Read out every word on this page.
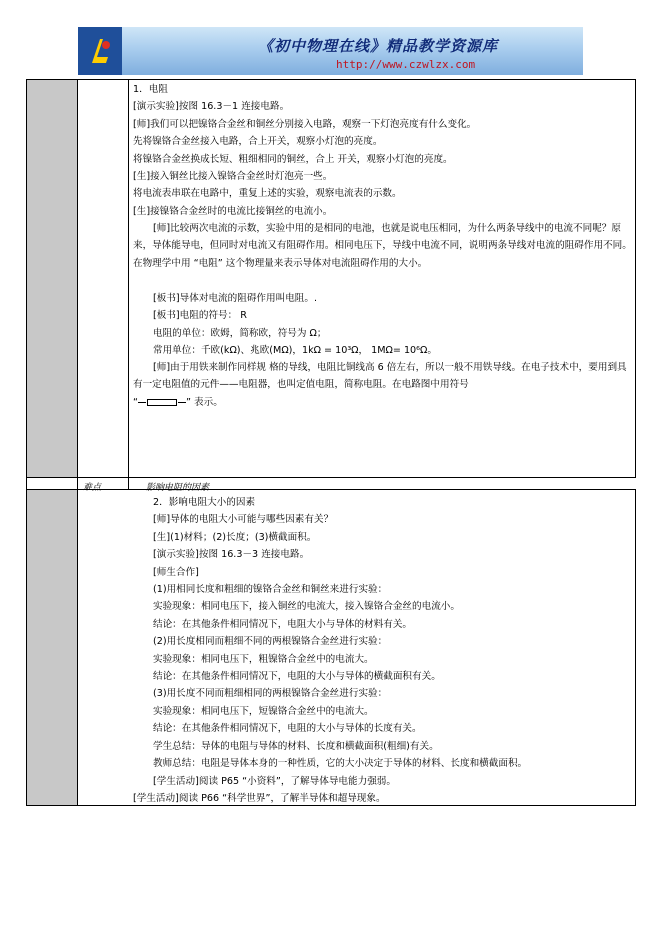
《初中物理在线》精品教学资源库
http://www.czwlzx.com

1．电阻

[演示实验]按图 16.3－1 连接电路。

[师]我们可以把镍铬合金丝和铜丝分别接入电路，观察一下灯泡亮度有什么变化。

先将镍铬合金丝接入电路，合上开关，观察小灯泡的亮度。

将镍铬合金丝换成长短、粗细相同的铜丝，合上 开关，观察小灯泡的亮度。

[生]接入铜丝比接入镍铬合金丝时灯泡亮一些。

将电流表串联在电路中，重复上述的实验，观察电流表的示数。

[生]接镍铬合金丝时的电流比接铜丝的电流小。

[师]比较两次电流的示数，实验中用的是相同的电池，也就是说电压相同，为什么两条导线中的电流不同呢？原来，导体能导电，但同时对电流又有阻碍作用。相同电压下，导线中电流不同，说明两条导线对电流的阻碍作用不同。在物理学中用 “电阻” 这个物理量来表示导体对电流阻碍作用的大小。

[板书]导体对电流的阻碍作用叫电阻。.

[板书]电阻的符号： R

电阻的单位：欧姆，简称欧，符号为 Ω；

常用单位：千欧(kΩ)、兆欧(MΩ)，1kΩ = 10³Ω， 1MΩ= 10⁶Ω。

[师]由于用铁来制作同样规 格的导线，电阻比铜线高 6 倍左右，所以一般不用铁导线。在电子技术中，要用到具有一定电阻值的元件——电阻器，也叫定值电阻，简称电阻。在电路图中用符号
“	” 表示。
难点	影响电阻的因素

2．影响电阻大小的因素

[师]导体的电阻大小可能与哪些因素有关？

[生](1)材料；(2)长度；(3)横截面积。

[演示实验]按图 16.3－3 连接电路。

[师生合作]

(1)用相同长度和粗细的镍铬合金丝和铜丝来进行实验：

实验现象：相同电压下，接入铜丝的电流大，接入镍铬合金丝的电流小。

结论：在其他条件相同情况下，电阻大小与导体的材料有关。

(2)用长度相同而粗细不同的两根镍铬合金丝进行实验：

实验现象：相同电压下，粗镍铬合金丝中的电流大。

结论：在其他条件相同情况下，电阻的大小与导体的横截面积有关。

(3)用长度不同而粗细相同的两根镍铬合金丝进行实验：

实验现象：相同电压下，短镍铬合金丝中的电流大。

结论：在其他条件相同情况下，电阻的大小与导体的长度有关。

学生总结：导体的电阻与导体的材料、长度和横截面积(粗细)有关。

教师总结：电阻是导体本身的一种性质，它的大小决定于导体的材料、长度和横截面积。

[学生活动]阅读 P65 “小资料”，了解导体导电能力强弱。

[学生活动]阅读 P66 “科学世界”，了解半导体和超导现象。
